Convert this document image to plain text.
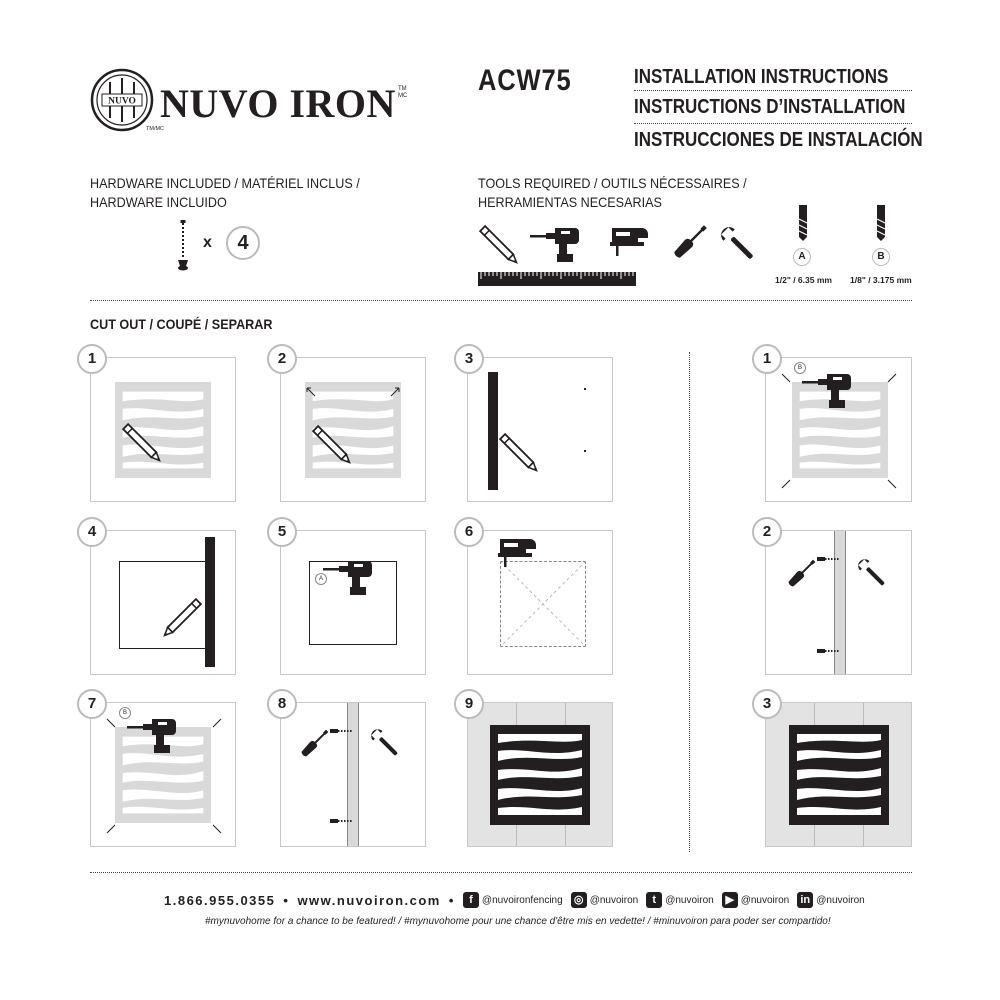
NUVO NUVO IRON TM
MC
TM/MC
ACW75	INSTALLATION INSTRUCTIONS
INSTRUCTIONS D’INSTALLATION
INSTRUCCIONES DE INSTALACIÓN
HARDWARE INCLUDED / MATÉRIEL INCLUS /
HARDWARE INCLUIDO
x	4
TOOLS REQUIRED / OUTILS NÉCESSAIRES /
HERRAMIENTAS NECESARIAS
A
1/2" / 6.35 mm
B
1/8" / 3.175 mm
CUT OUT / COUPÉ / SEPARAR
1	2	3
4
A
5	6
B
7	8	9
B
1
2
3
1.866.955.0355 • www.nuvoiron.com •	f @nuvoironfencing ◎ @nuvoiron	t @nuvoiron	▶ @nuvoiron in @nuvoiron
#mynuvohome for a chance to be featured! / #mynuvohome pour une chance d'être mis en vedette! / #minuvoiron para poder ser compartido!
